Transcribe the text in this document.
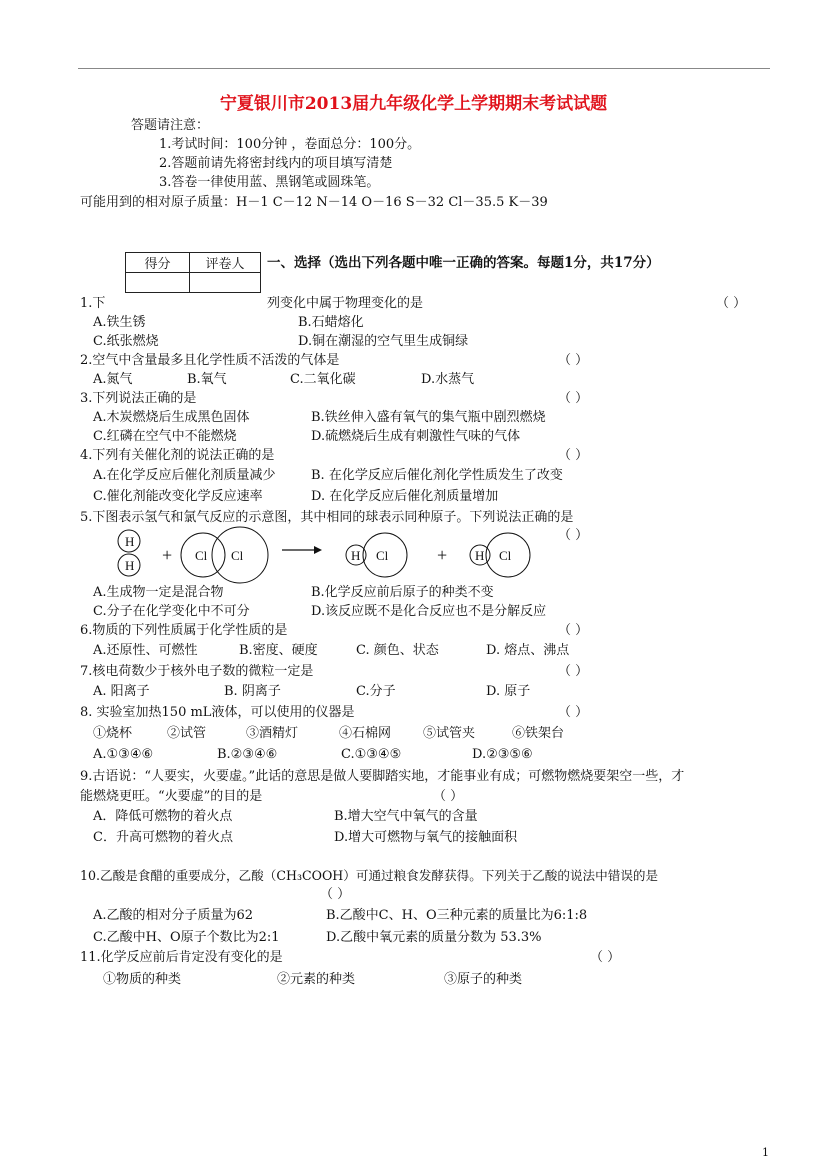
宁夏银川市2013届九年级化学上学期期末考试试题
答题请注意：
1.考试时间：100分钟 ，卷面总分：100分。
2.答题前请先将密封线内的项目填写清楚
3.答卷一律使用蓝、黑钢笔或圆珠笔。
可能用到的相对原子质量：H－1 C－12 N－14 O－16 S－32 Cl－35.5 K－39
得分	评卷人
	一、选择（选出下列各题中唯一正确的答案。每题1分，共17分）
1.下	列变化中属于物理变化的是	（ ）
A.铁生锈	B.石蜡熔化
C.纸张燃烧	D.铜在潮湿的空气里生成铜绿
2.空气中含量最多且化学性质不活泼的气体是	（ ）
A.氮气	B.氧气	C.二氧化碳	D.水蒸气
3.下列说法正确的是	（ ）
A.木炭燃烧后生成黑色固体	B.铁丝伸入盛有氧气的集气瓶中剧烈燃烧
C.红磷在空气中不能燃烧	D.硫燃烧后生成有刺激性气味的气体
4.下列有关催化剂的说法正确的是	（ ）
A.在化学反应后催化剂质量减少	B. 在化学反应后催化剂化学性质发生了改变
C.催化剂能改变化学反应速率	D. 在化学反应后催化剂质量增加
5.下图表示氢气和氯气反应的示意图，其中相同的球表示同种原子。下列说法正确的是
（ ）
H
H
+ Cl Cl	H Cl	+ H Cl
A.生成物一定是混合物	B.化学反应前后原子的种类不变
C.分子在化学变化中不可分	D.该反应既不是化合反应也不是分解反应
6.物质的下列性质属于化学性质的是	（ ）
A.还原性、可燃性	B.密度、硬度	C. 颜色、状态	D. 熔点、沸点
7.核电荷数少于核外电子数的微粒一定是	（ ）
A. 阳离子	B. 阴离子	C.分子	D. 原子
8. 实验室加热150 mL液体，可以使用的仪器是	（ ）
①烧杯	②试管	③酒精灯	④石棉网 ⑤试管夹	⑥铁架台
A.①③④⑥	B.②③④⑥	C.①③④⑤	D.②③⑤⑥
9.古语说：“人要实，火要虚。”此话的意思是做人要脚踏实地，才能事业有成；可燃物燃烧要架空一些，才
能燃烧更旺。“火要虚”的目的是	（ ）
A．降低可燃物的着火点	B.增大空气中氧气的含量
C．升高可燃物的着火点	D.增大可燃物与氧气的接触面积
10.乙酸是食醋的重要成分，乙酸（CH₃COOH）可通过粮食发酵获得。下列关于乙酸的说法中错误的是
（ ）
A.乙酸的相对分子质量为62	B.乙酸中C、H、O三种元素的质量比为6:1:8
C.乙酸中H、O原子个数比为2:1	D.乙酸中氧元素的质量分数为 53.3%
11.化学反应前后肯定没有变化的是	（ ）
①物质的种类	②元素的种类	③原子的种类
1
